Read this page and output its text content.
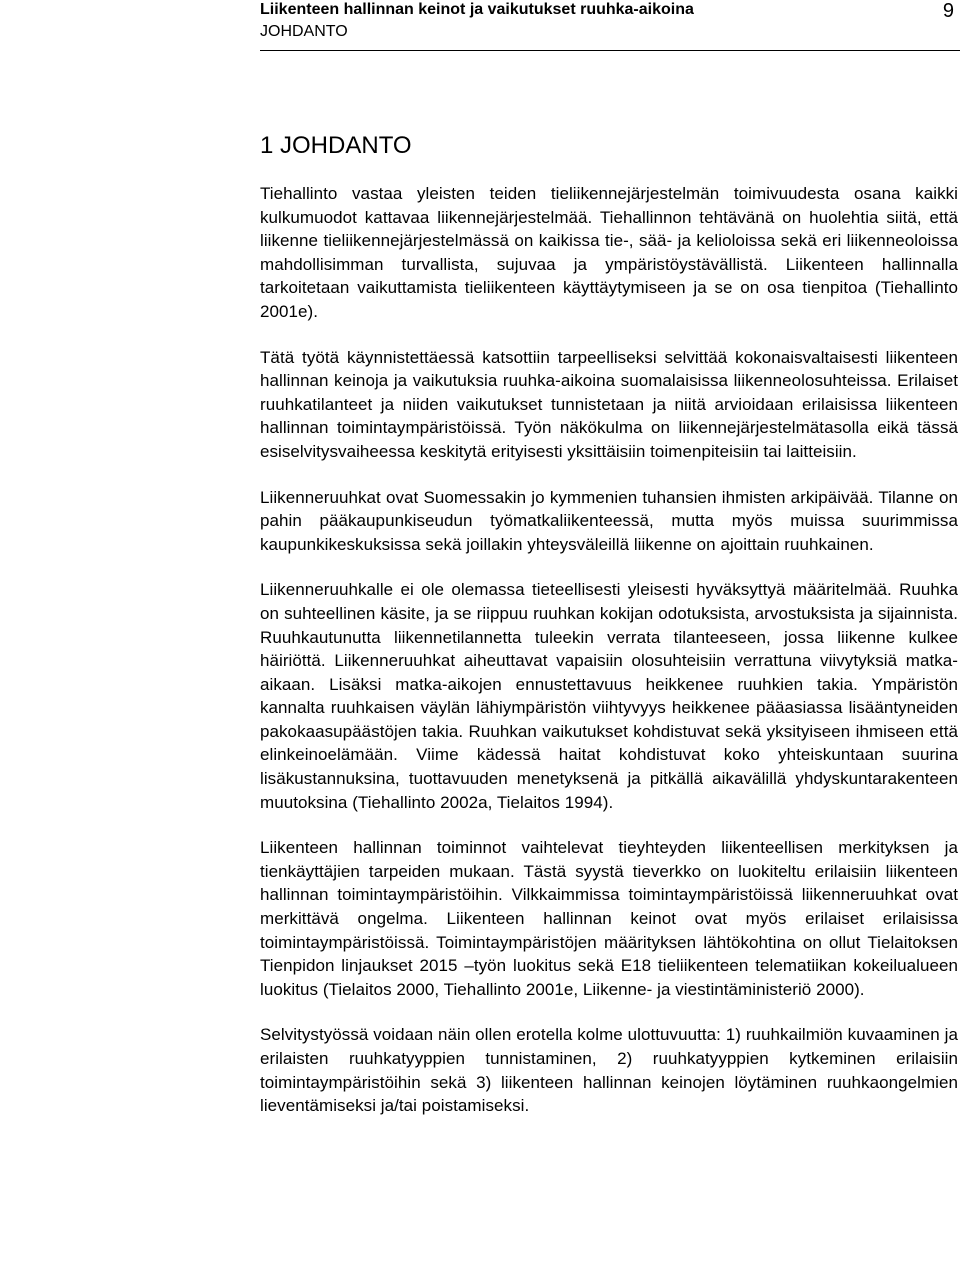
Liikenteen hallinnan keinot ja vaikutukset ruuhka-aikoina
JOHDANTO
9
1 JOHDANTO

Tiehallinto vastaa yleisten teiden tieliikennejärjestelmän toimivuudesta osana kaikki kulkumuodot kattavaa liikennejärjestelmää. Tiehallinnon tehtävänä on huolehtia siitä, että liikenne tieliikennejärjestelmässä on kaikissa tie-, sää- ja keliolоissa sekä eri liikenneoloissa mahdollisimman turvallista, sujuvaa ja ympäristöystävällistä. Liikenteen hallinnalla tarkoitetaan vaikuttamista tieliikenteen käyttäytymiseen ja se on osa tienpitoa (Tiehallinto 2001e).

Tätä työtä käynnistettäessä katsottiin tarpeelliseksi selvittää kokonaisvaltaisesti liikenteen hallinnan keinoja ja vaikutuksia ruuhka-aikoina suomalaisissa liikenneolosuhteissa. Erilaiset ruuhkatilanteet ja niiden vaikutukset tunnistetaan ja niitä arvioidaan erilaisissa liikenteen hallinnan toimintaympäristöissä. Työn näkökulma on liikennejärjestelmätasolla eikä tässä esiselvitysvaiheessa keskitytä erityisesti yksittäisiin toimenpiteisiin tai laitteisiin.

Liikenneruuhkat ovat Suomessakin jo kymmenien tuhansien ihmisten arkipäivää. Tilanne on pahin pääkaupunkiseudun työmatkaliikenteessä, mutta myös muissa suurimmissa kaupunkikeskuksissa sekä joillakin yhteysväleillä liikenne on ajoittain ruuhkainen.

Liikenneruuhkalle ei ole olemassa tieteellisesti yleisesti hyväksyttyä määritelmää. Ruuhka on suhteellinen käsite, ja se riippuu ruuhkan kokijan odotuksista, arvostuksista ja sijainnista. Ruuhkautunutta liikennetilannetta tuleekin verrata tilanteeseen, jossa liikenne kulkee häiriöttä. Liikenneruuhkat aiheuttavat vapaisiin olosuhteisiin verrattuna viivytyksiä matka-aikaan. Lisäksi matka-aikojen ennustettavuus heikkenee ruuhkien takia. Ympäristön kannalta ruuhkaisen väylän lähiympäristön viihtyvyys heikkenee pääasiassa lisääntyneiden pakokaasupäästöjen takia. Ruuhkan vaikutukset kohdistuvat sekä yksityiseen ihmiseen että elinkeinoelämään. Viime kädessä haitat kohdistuvat koko yhteiskuntaan suurina lisäkustannuksina, tuottavuuden menetyksenä ja pitkällä aikavälillä yhdyskuntarakenteen muutoksina (Tiehallinto 2002a, Tielaitos 1994).

Liikenteen hallinnan toiminnot vaihtelevat tieyhteyden liikenteellisen merkityksen ja tienkäyttäjien tarpeiden mukaan. Tästä syystä tieverkko on luokiteltu erilaisiin liikenteen hallinnan toimintaympäristöihin. Vilkkaimmissa toimintaympäristöissä liikenneruuhkat ovat merkittävä ongelma. Liikenteen hallinnan keinot ovat myös erilaiset erilaisissa toimintaympäristöissä. Toimintaympäristöjen määrityksen lähtökohtina on ollut Tielaitoksen Tienpidon linjaukset 2015 –työn luokitus sekä E18 tieliikenteen telematiikan kokeilualueen luokitus (Tielaitos 2000, Tiehallinto 2001e, Liikenne- ja viestintäministeriö 2000).

Selvitystyössä voidaan näin ollen erotella kolme ulottuvuutta: 1) ruuhkailmiön kuvaaminen ja erilaisten ruuhkatyyppien tunnistaminen, 2) ruuhkatyyppien kytkeminen erilaisiin toimintaympäristöihin sekä 3) liikenteen hallinnan keinojen löytäminen ruuhkaongelmien lieventämiseksi ja/tai poistamiseksi.
